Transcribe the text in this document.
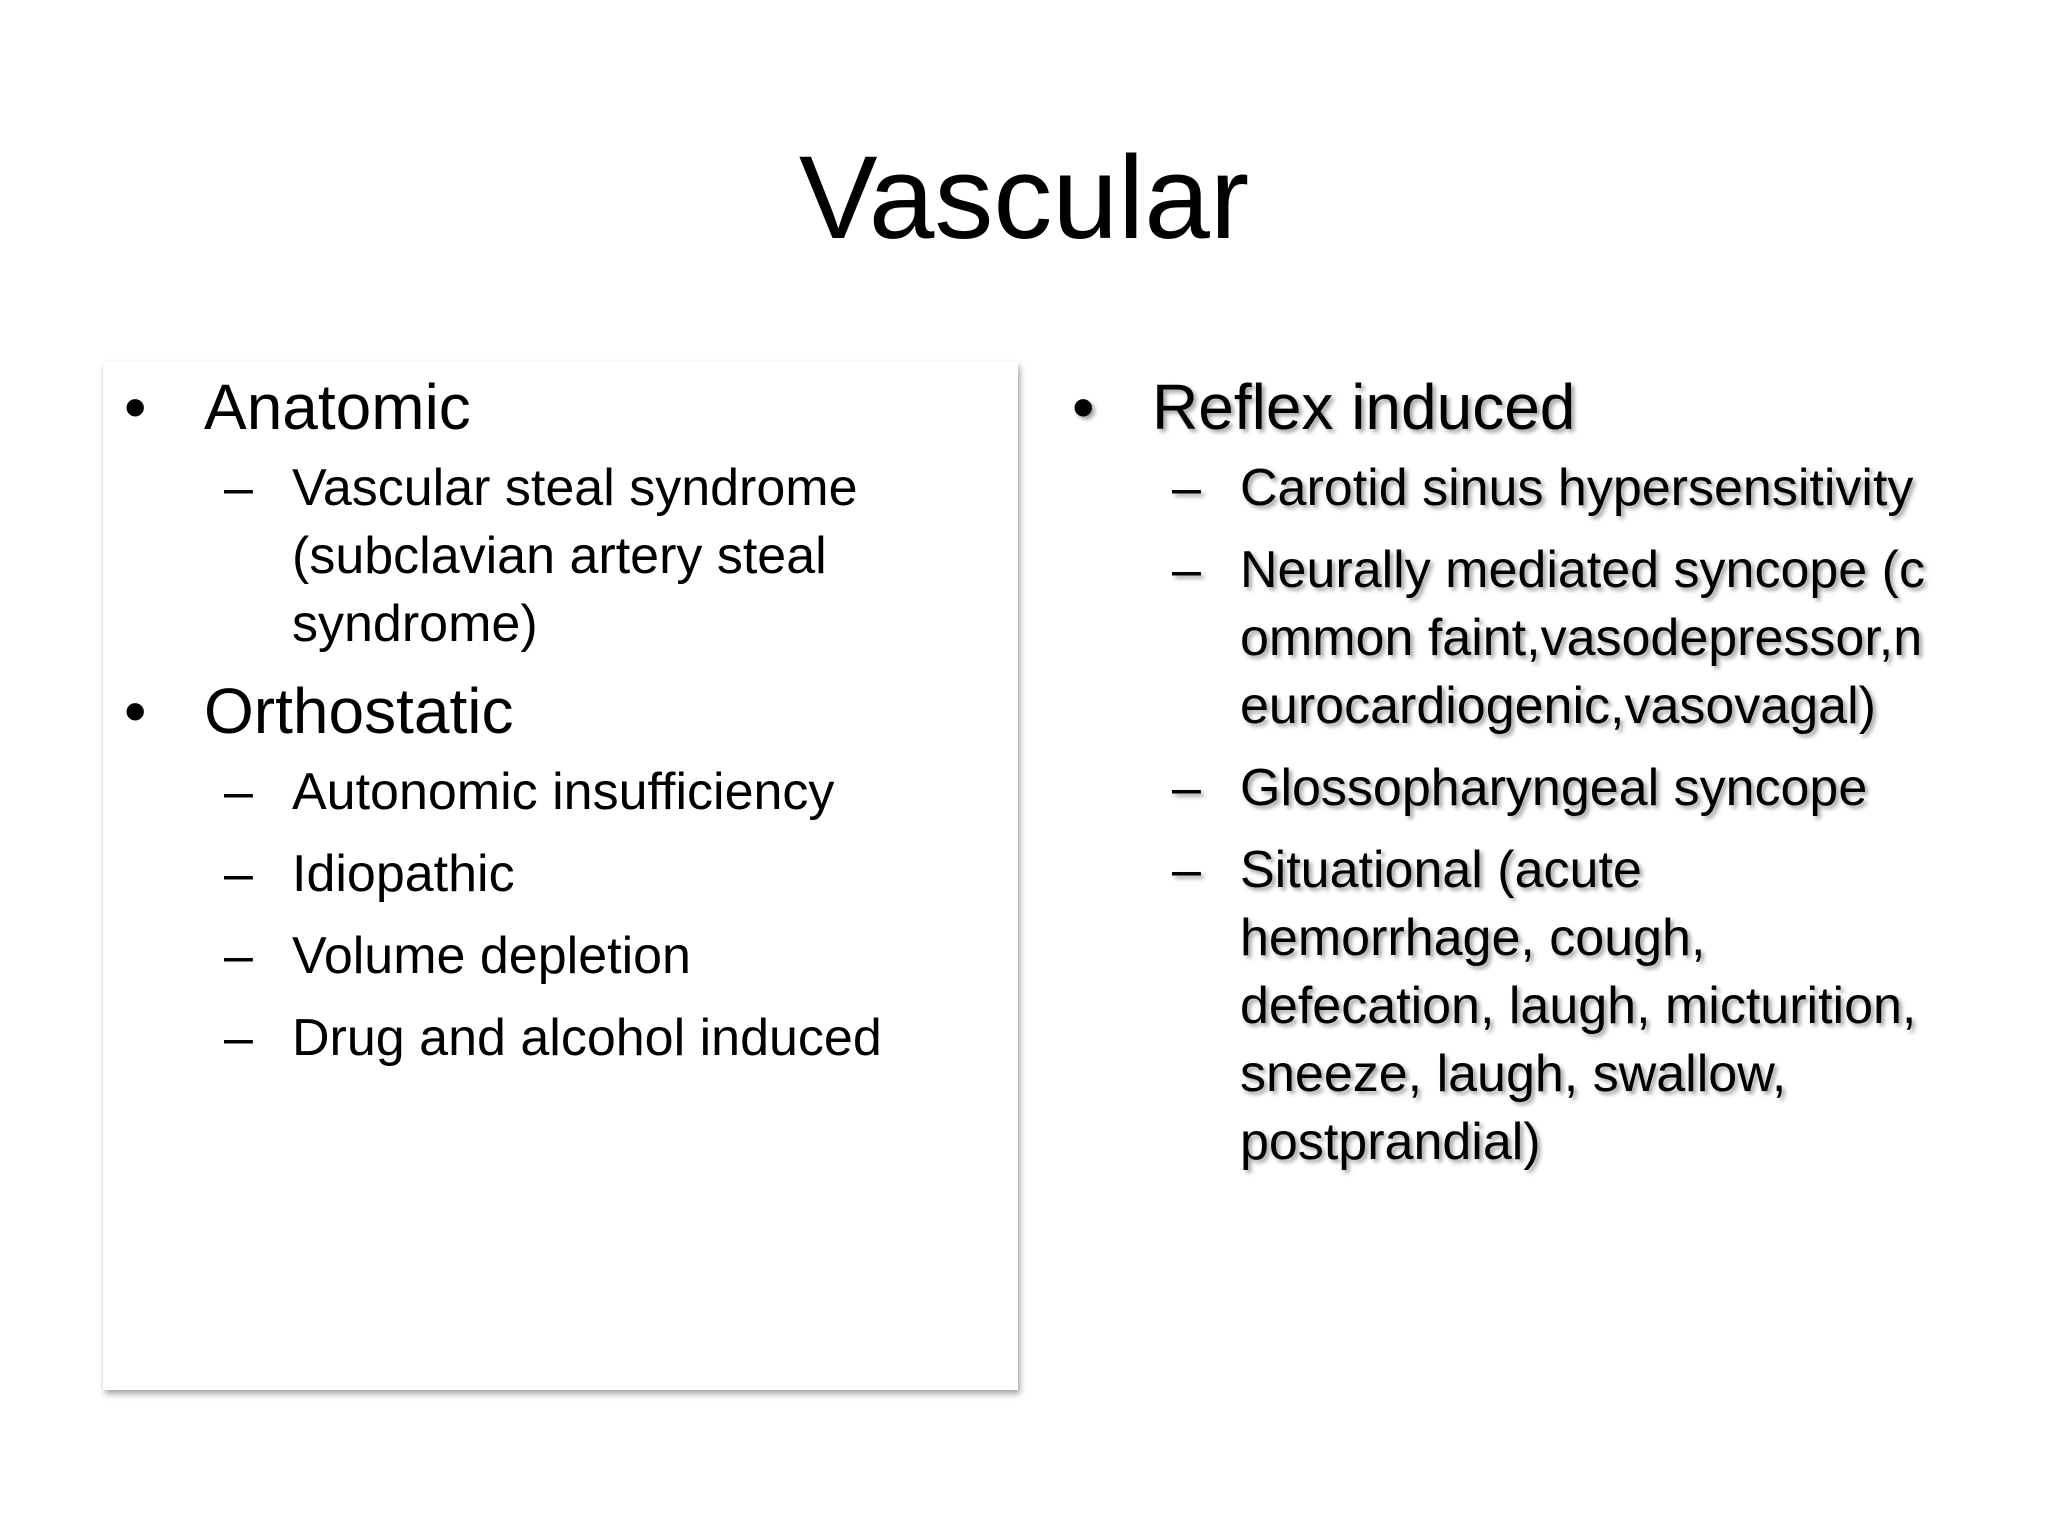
Vascular
• Anatomic
– Vascular steal syndrome (subclavian artery steal syndrome)
• Orthostatic
– Autonomic insufficiency
– Idiopathic
– Volume depletion
– Drug and alcohol induced
• Reflex induced
– Carotid sinus hypersensitivity
– Neurally mediated syncope (common faint,vasodepressor,neurocardiogenic,vasovagal)
– Glossopharyngeal syncope
– Situational (acute hemorrhage, cough, defecation, laugh, micturition, sneeze, laugh, swallow, postprandial)
